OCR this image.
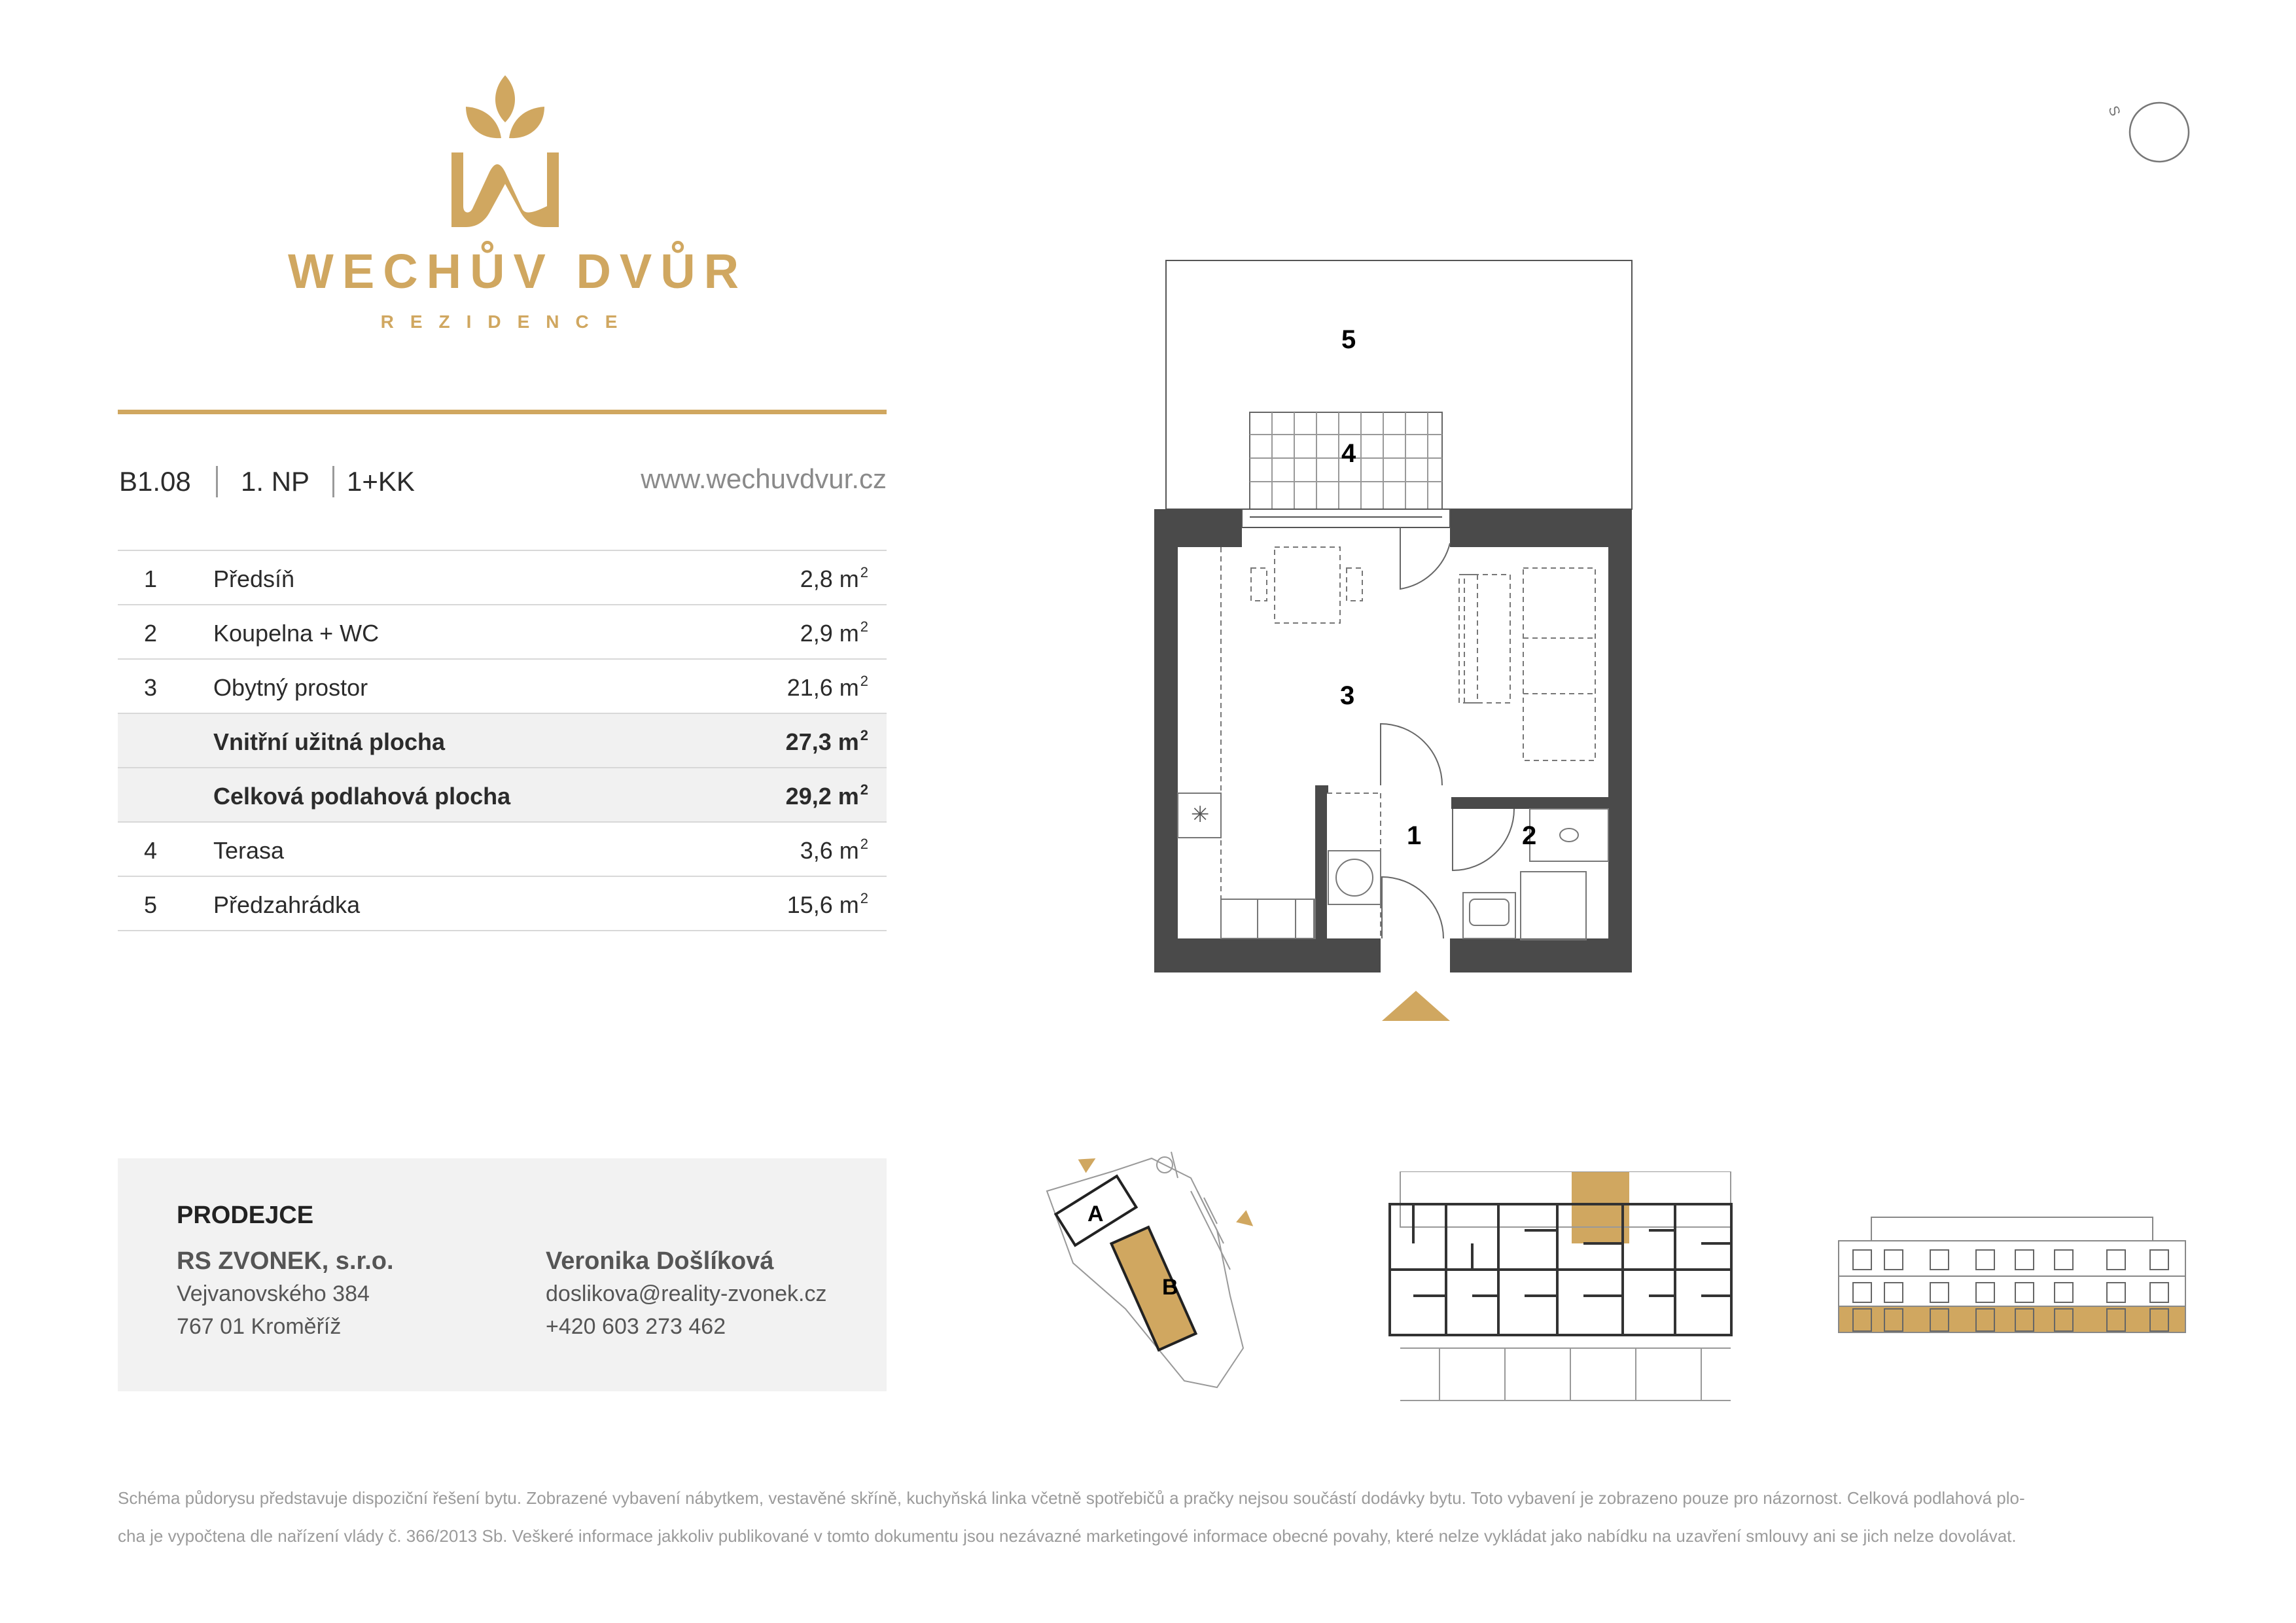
WECHŮV DVŮR
REZIDENCE
B1.08 1. NP 1+KK	www.wechuvdvur.cz
1 Předsíň	2,8 $m^2$
2 Koupelna + WC	2,9 $m^2$
3 Obytný prostor	21,6 $m^2$
Vnitřní užitná plocha	27,3 $m^2$
Celková podlahová plocha	29,2 $m^2$
4 Terasa	3,6 $m^2$
5 Předzahrádka	15,6 $m^2$
PRODEJCE
RS ZVONEK, s.r.o.
Vejvanovského 384
767 01 Kroměříž
Veronika Došlíková
doslikova@reality-zvonek.cz
+420 603 273 462
S
✳
5
4
3
1	2
A
B
Schéma půdorysu představuje dispoziční řešení bytu. Zobrazené vybavení nábytkem, vestavěné skříně, kuchyňská linka včetně spotřebičů a pračky nejsou součástí dodávky bytu. Toto vybavení je zobrazeno pouze pro názornost. Celková podlahová plo-
cha je vypočtena dle nařízení vlády č. 366/2013 Sb. Veškeré informace jakkoliv publikované v tomto dokumentu jsou nezávazné marketingové informace obecné povahy, které nelze vykládat jako nabídku na uzavření smlouvy ani se jich nelze dovolávat.
